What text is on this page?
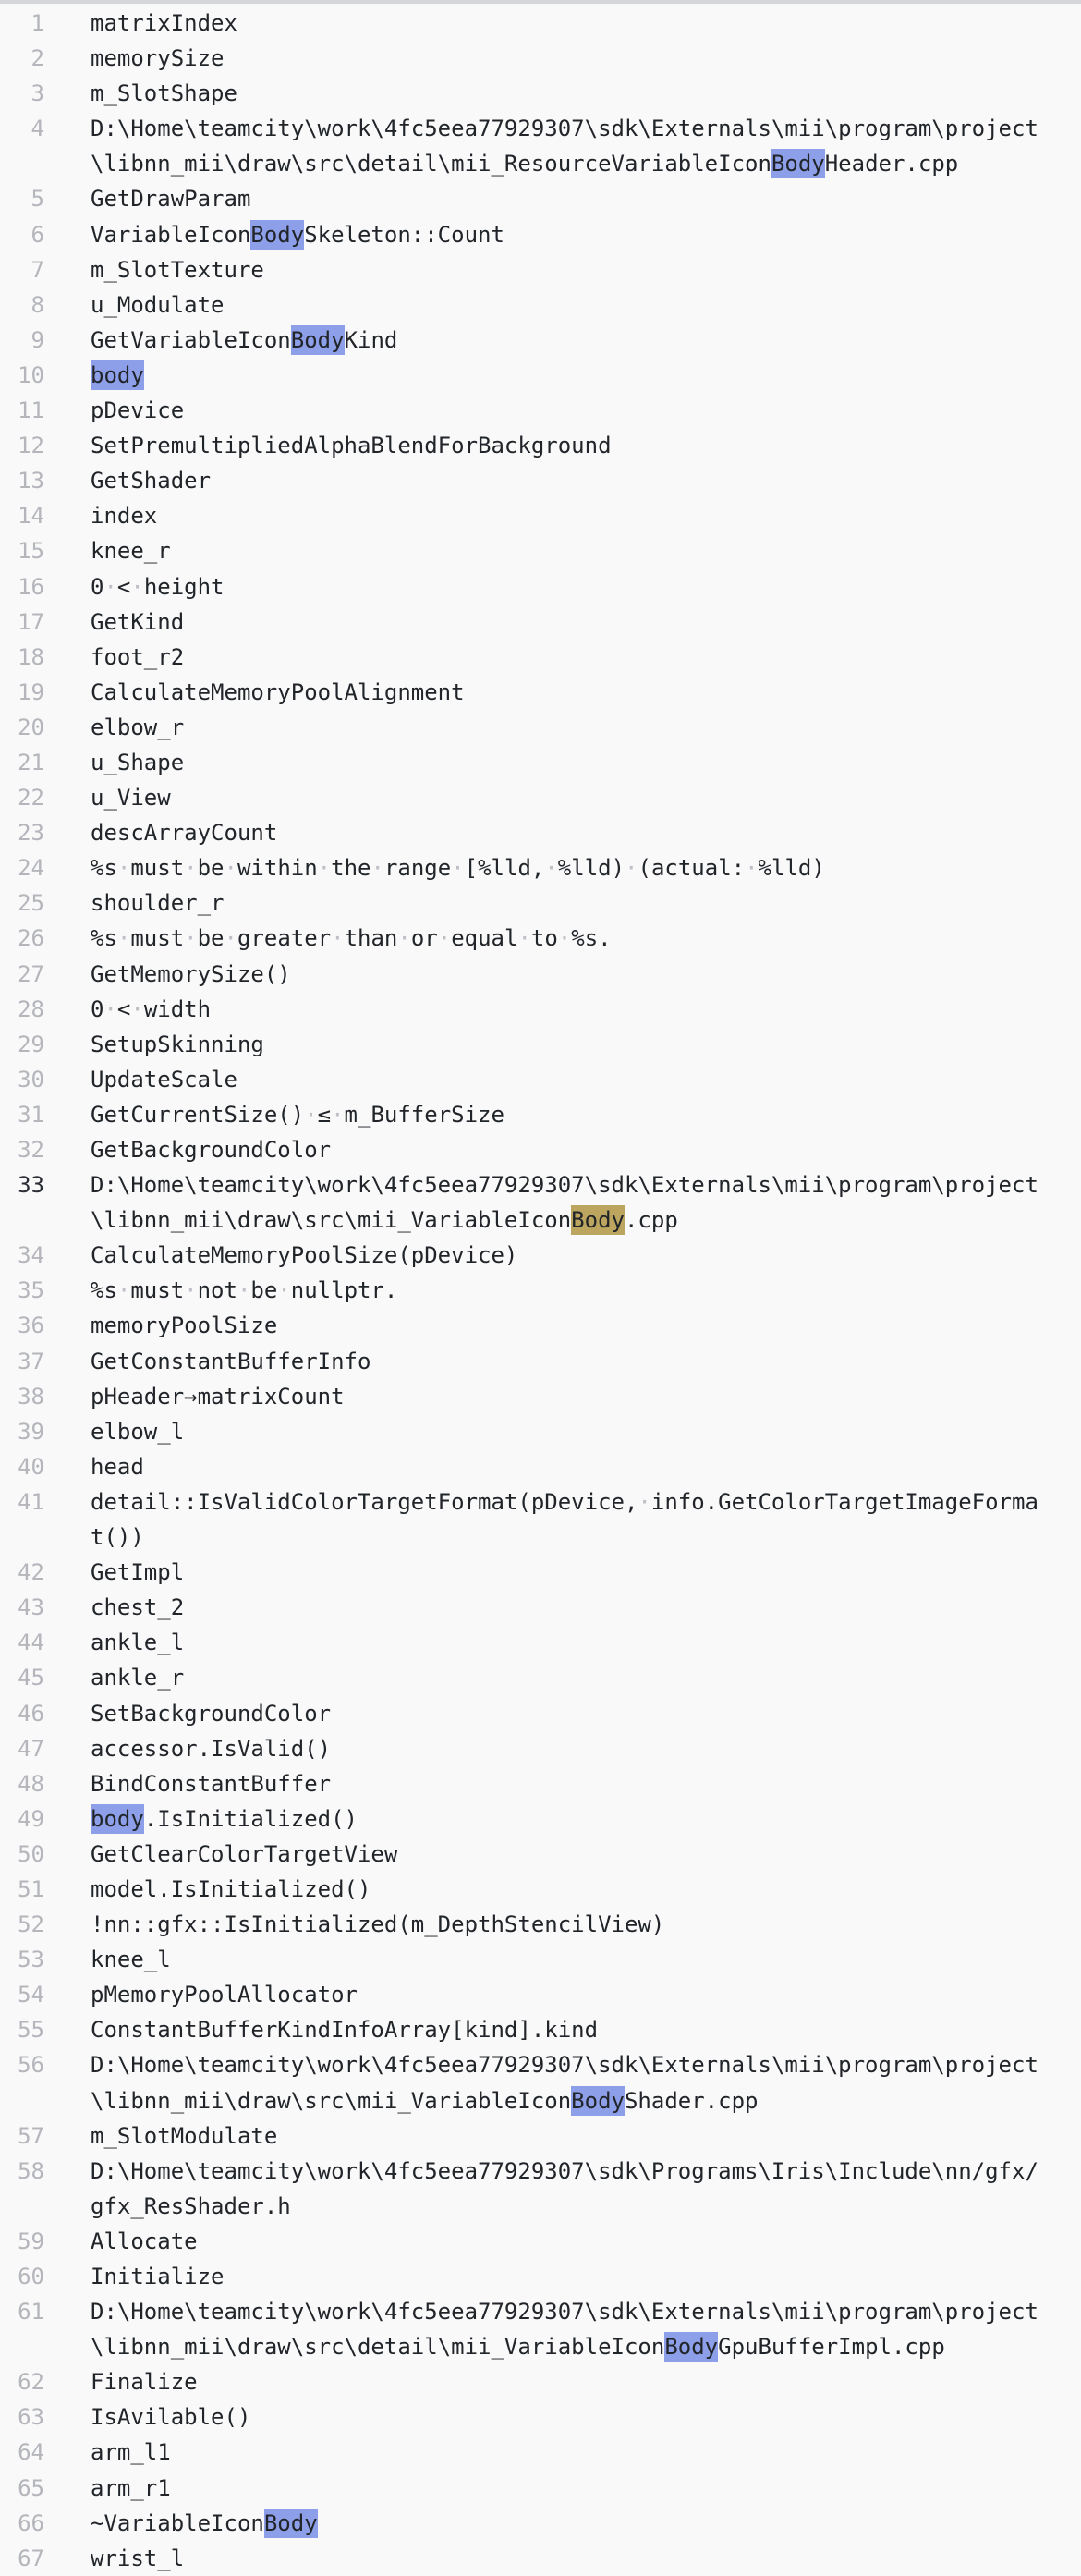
1 matrixIndex
2 memorySize
3 m_SlotShape
4 D:\Home\teamcity\work\4fc5eea77929307\sdk\Externals\mii\program\project\libnn_mii\draw\src\detail\mii_ResourceVariableIconBodyHeader.cpp
5 GetDrawParam
6 VariableIconBodySkeleton::Count
7 m_SlotTexture
8 u_Modulate
9 GetVariableIconBodyKind
10 body
11 pDevice
12 SetPremultipliedAlphaBlendForBackground
13 GetShader
14 index
15 knee_r
16 0·<·height
17 GetKind
18 foot_r2
19 CalculateMemoryPoolAlignment
20 elbow_r
21 u_Shape
22 u_View
23 descArrayCount
24 %s·must·be·within·the·range·[%lld,·%lld)·(actual:·%lld)
25 shoulder_r
26 %s·must·be·greater·than·or·equal·to·%s.
27 GetMemorySize()
28 0·<·width
29 SetupSkinning
30 UpdateScale
31 GetCurrentSize()·≤·m_BufferSize
32 GetBackgroundColor
33 D:\Home\teamcity\work\4fc5eea77929307\sdk\Externals\mii\program\project\libnn_mii\draw\src\mii_VariableIconBody.cpp
34 CalculateMemoryPoolSize(pDevice)
35 %s·must·not·be·nullptr.
36 memoryPoolSize
37 GetConstantBufferInfo
38 pHeader→matrixCount
39 elbow_l
40 head
41 detail::IsValidColorTargetFormat(pDevice,·info.GetColorTargetImageFormat())
42 GetImpl
43 chest_2
44 ankle_l
45 ankle_r
46 SetBackgroundColor
47 accessor.IsValid()
48 BindConstantBuffer
49 body.IsInitialized()
50 GetClearColorTargetView
51 model.IsInitialized()
52 !nn::gfx::IsInitialized(m_DepthStencilView)
53 knee_l
54 pMemoryPoolAllocator
55 ConstantBufferKindInfoArray[kind].kind
56 D:\Home\teamcity\work\4fc5eea77929307\sdk\Externals\mii\program\project\libnn_mii\draw\src\mii_VariableIconBodyShader.cpp
57 m_SlotModulate
58 D:\Home\teamcity\work\4fc5eea77929307\sdk\Programs\Iris\Include\nn/gfx/gfx_ResShader.h
59 Allocate
60 Initialize
61 D:\Home\teamcity\work\4fc5eea77929307\sdk\Externals\mii\program\project\libnn_mii\draw\src\detail\mii_VariableIconBodyGpuBufferImpl.cpp
62 Finalize
63 IsAvilable()
64 arm_l1
65 arm_r1
66 ~VariableIconBody
67 wrist_l
